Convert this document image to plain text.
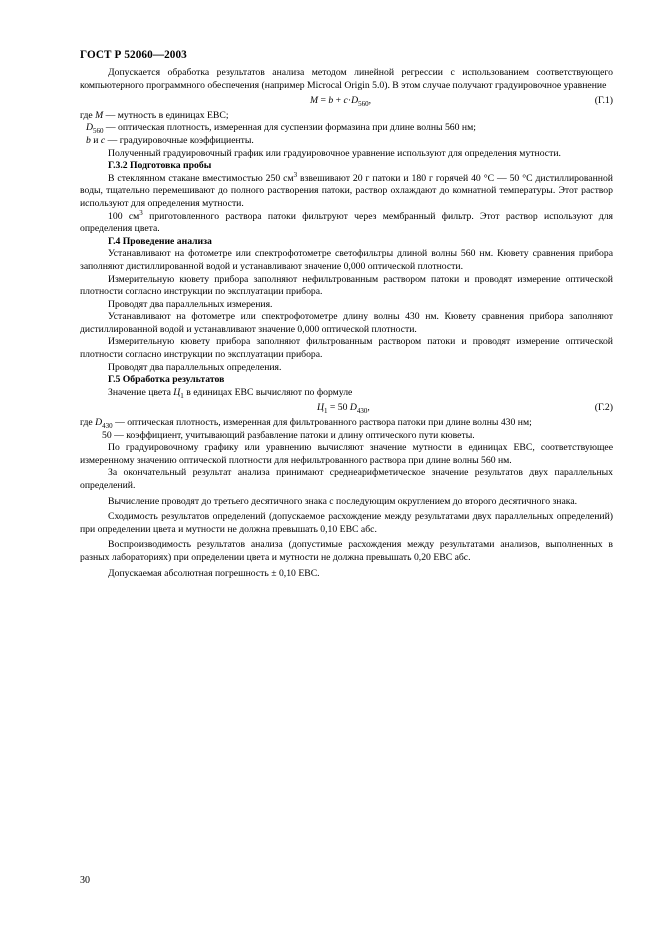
ГОСТ Р 52060—2003

Допускается обработка результатов анализа методом линейной регрессии с использованием соответствующего компьютерного программного обеспечения (например Microcal Origin 5.0). В этом случае получают градуировочное уравнение

$M = b + c\cdot D_{560}$,	(Г.1)

где M — мутность в единицах ЕВС;

$D_{560}$ — оптическая плотность, измеренная для суспензии формазина при длине волны 560 нм;

b и c — градуировочные коэффициенты.

Полученный градуировочный график или градуировочное уравнение используют для определения мутности.

Г.3.2 Подготовка пробы

В стеклянном стакане вместимостью 250 $см^3$ взвешивают 20 г патоки и 180 г горячей 40 °С — 50 °С дистиллированной воды, тщательно перемешивают до полного растворения патоки, раствор охлаждают до комнатной температуры. Этот раствор используют для определения мутности.

100 $см^3$ приготовленного раствора патоки фильтруют через мембранный фильтр. Этот раствор используют для определения цвета.

Г.4 Проведение анализа

Устанавливают на фотометре или спектрофотометре светофильтры длиной волны 560 нм. Кювету сравнения прибора заполняют дистиллированной водой и устанавливают значение 0,000 оптической плотности.

Измерительную кювету прибора заполняют нефильтрованным раствором патоки и проводят измерение оптической плотности согласно инструкции по эксплуатации прибора.

Проводят два параллельных измерения.

Устанавливают на фотометре или спектрофотометре длину волны 430 нм. Кювету сравнения прибора заполняют дистиллированной водой и устанавливают значение 0,000 оптической плотности.

Измерительную кювету прибора заполняют фильтрованным раствором патоки и проводят измерение оптической плотности согласно инструкции по эксплуатации прибора.

Проводят два параллельных определения.

Г.5 Обработка результатов

Значение цвета $Ц_1$ в единицах ЕВС вычисляют по формуле

$Ц_1 = 50$ $D_{430}$,	(Г.2)

где $D_{430}$ — оптическая плотность, измеренная для фильтрованного раствора патоки при длине волны 430 нм;

50 — коэффициент, учитывающий разбавление патоки и длину оптического пути кюветы.

По градуировочному графику или уравнению вычисляют значение мутности в единицах ЕВС, соответствующее измеренному значению оптической плотности для нефильтрованного раствора при длине волны 560 нм.

За окончательный результат анализа принимают среднеарифметическое значение результатов двух параллельных определений.

Вычисление проводят до третьего десятичного знака с последующим округлением до второго десятичного знака.

Сходимость результатов определений (допускаемое расхождение между результатами двух параллельных определений) при определении цвета и мутности не должна превышать 0,10 ЕВС абс.

Воспроизводимость результатов анализа (допустимые расхождения между результатами анализов, выполненных в разных лабораториях) при определении цвета и мутности не должна превышать 0,20 ЕВС абс.

Допускаемая абсолютная погрешность ± 0,10 ЕВС.

30
